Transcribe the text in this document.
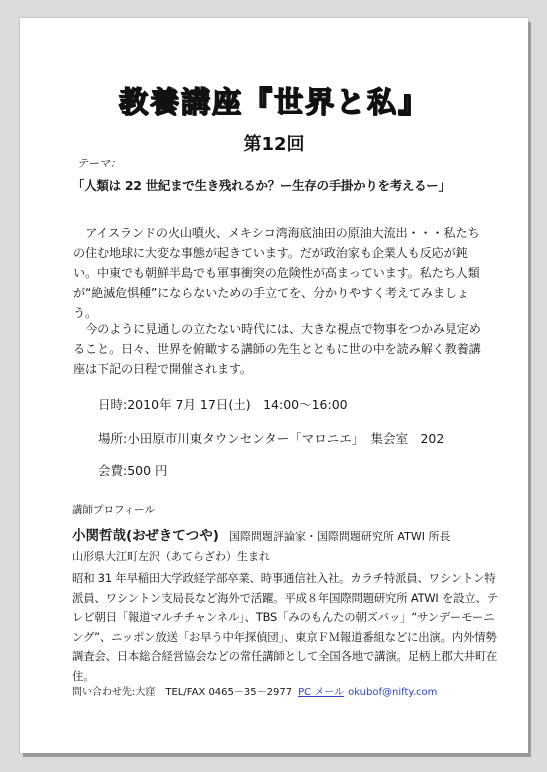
教養講座『世界と私』
第12回
テーマ：
「人類は 22 世紀まで生き残れるか？ー生存の手掛かりを考えるー」

アイスランドの火山噴火、メキシコ湾海底油田の原油大流出・・・私たちの住む地球に大変な事態が起きています。だが政治家も企業人も反応が鈍い。中東でも朝鮮半島でも軍事衝突の危険性が高まっています。私たち人類が“絶滅危惧種”にならないための手立てを、分かりやすく考えてみましょう。

今のように見通しの立たない時代には、大きな視点で物事をつかみ見定めること。日々、世界を俯瞰する講師の先生とともに世の中を読み解く教養講座は下記の日程で開催されます。

日時:2010年 7月 17日(土)　14:00～16:00
場所:小田原市川東タウンセンター「マロニエ」　集会室　202
会費:500 円
講師プロフィール
小関哲哉(おぜきてつや) 国際問題評論家・国際問題研究所 ATWI 所長
山形県大江町左沢（あてらざわ）生まれ

昭和 31 年早稲田大学政経学部卒業、時事通信社入社。カラチ特派員、ワシントン特派員、ワシントン支局長など海外で活躍。平成８年国際問題研究所 ATWI を設立、テレビ朝日「報道マルチチャンネル」、TBS「みのもんたの朝ズバッ」“サンデーモーニング”、ニッポン放送「お早う中年探偵団」、東京ＦＭ報道番組などに出演。内外情勢調査会、日本総合経営協会などの常任講師として全国各地で講演。足柄上郡大井町在住。

問い合わせ先:大窪　TEL/FAX 0465－35－2977 PC メール okubof@nifty.com
